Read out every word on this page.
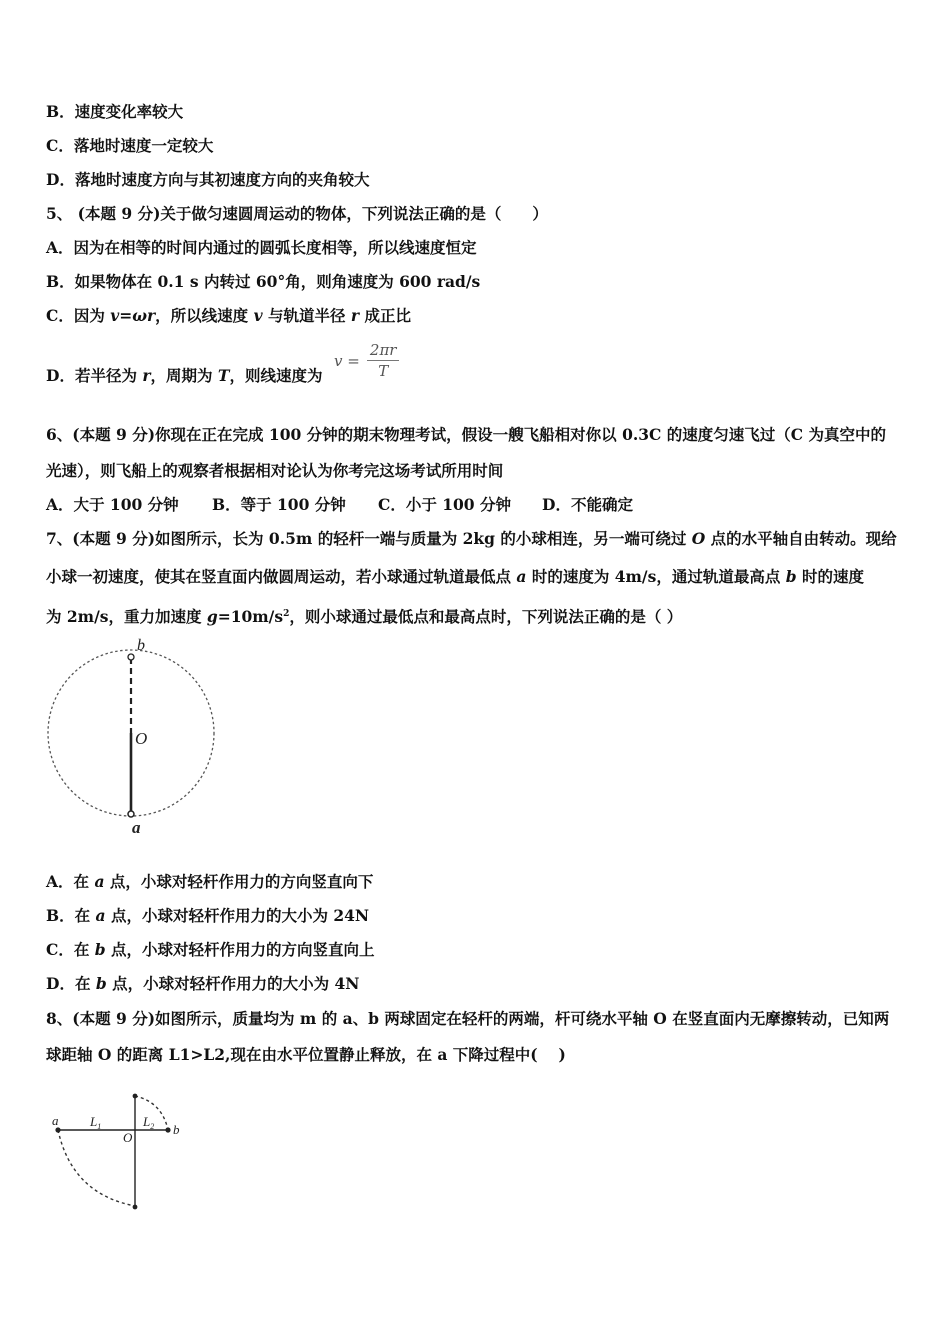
B．速度变化率较大
C．落地时速度一定较大
D．落地时速度方向与其初速度方向的夹角较大
5、 (本题 9 分)关于做匀速圆周运动的物体，下列说法正确的是（　　）
A．因为在相等的时间内通过的圆弧长度相等，所以线速度恒定
B．如果物体在 0.1 s 内转过 60°角，则角速度为 600 rad/s
C．因为 v=ωr，所以线速度 v 与轨道半径 r 成正比
D．若半径为 r，周期为 T，则线速度为
$v = \frac{2\pi r}{T}$
6、(本题 9 分)你现在正在完成 100 分钟的期末物理考试，假设一艘飞船相对你以 0.3C 的速度匀速飞过（C 为真空中的
光速），则飞船上的观察者根据相对论认为你考完这场考试所用时间
A．大于 100 分钟 B．等于 100 分钟 C．小于 100 分钟 D．不能确定
7、(本题 9 分)如图所示，长为 0.5m 的轻杆一端与质量为 2kg 的小球相连，另一端可绕过 O 点的水平轴自由转动。现给
小球一初速度，使其在竖直面内做圆周运动，若小球通过轨道最低点 a 时的速度为 4m/s，通过轨道最高点 b 时的速度
为 2m/s，重力加速度 $g=10m/s^2$，则小球通过最低点和最高点时，下列说法正确的是（ ）
b
O
a
A．在 a 点，小球对轻杆作用力的方向竖直向下
B．在 a 点，小球对轻杆作用力的大小为 24N
C．在 b 点，小球对轻杆作用力的方向竖直向上
D．在 b 点，小球对轻杆作用力的大小为 4N
8、(本题 9 分)如图所示，质量均为 m 的 a、b 两球固定在轻杆的两端，杆可绕水平轴 O 在竖直面内无摩擦转动，已知两
球距轴 O 的距离 L1>L2,现在由水平位置静止释放，在 a 下降过程中(　 )
a $L_1$
O
$L_2$ b
